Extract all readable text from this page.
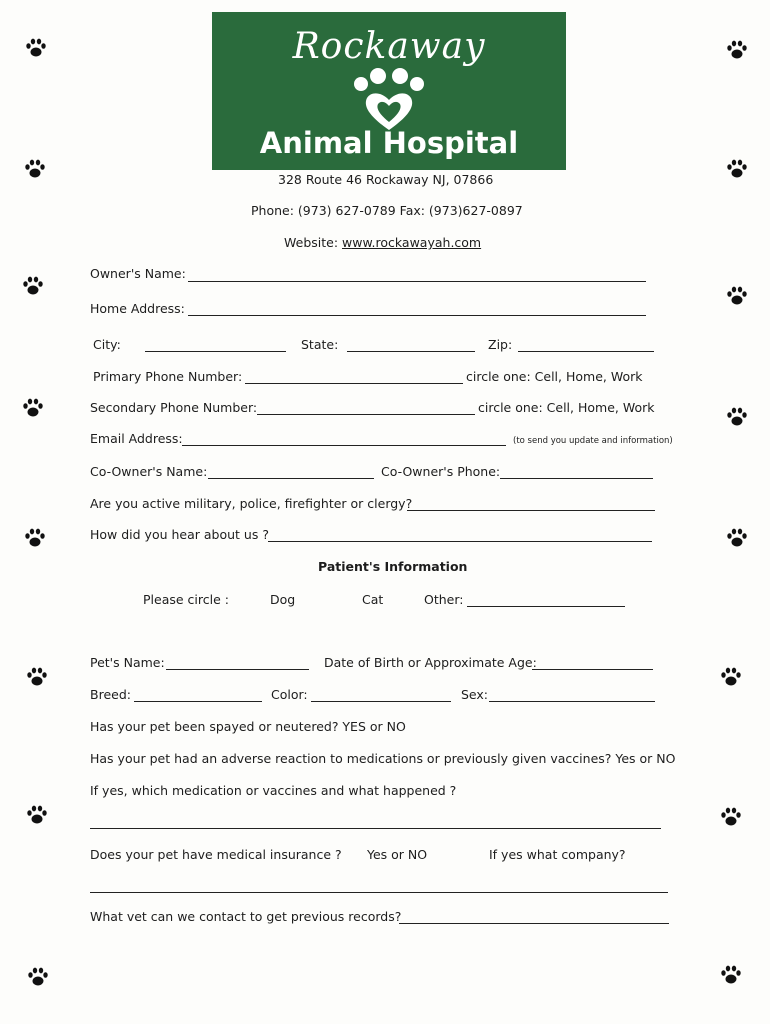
Rockaway
Animal Hospital
328 Route 46 Rockaway NJ, 07866
Phone: (973) 627-0789 Fax: (973)627-0897
Website: www.rockawayah.com
Owner's Name:
Home Address:
City:	State:	Zip:
Primary Phone Number:	circle one: Cell, Home, Work
Secondary Phone Number:	circle one: Cell, Home, Work
Email Address:	(to send you update and information)
Co-Owner's Name:	Co-Owner's Phone:
Are you active military, police, firefighter or clergy?
How did you hear about us ?
Patient's Information
Please circle :	Dog	Cat	Other:
Pet's Name:	Date of Birth or Approximate Age:
Breed:	Color:	Sex:
Has your pet been spayed or neutered? YES or NO
Has your pet had an adverse reaction to medications or previously given vaccines? Yes or NO
If yes, which medication or vaccines and what happened ?
Does your pet have medical insurance ? Yes or NO	If yes what company?
What vet can we contact to get previous records?
